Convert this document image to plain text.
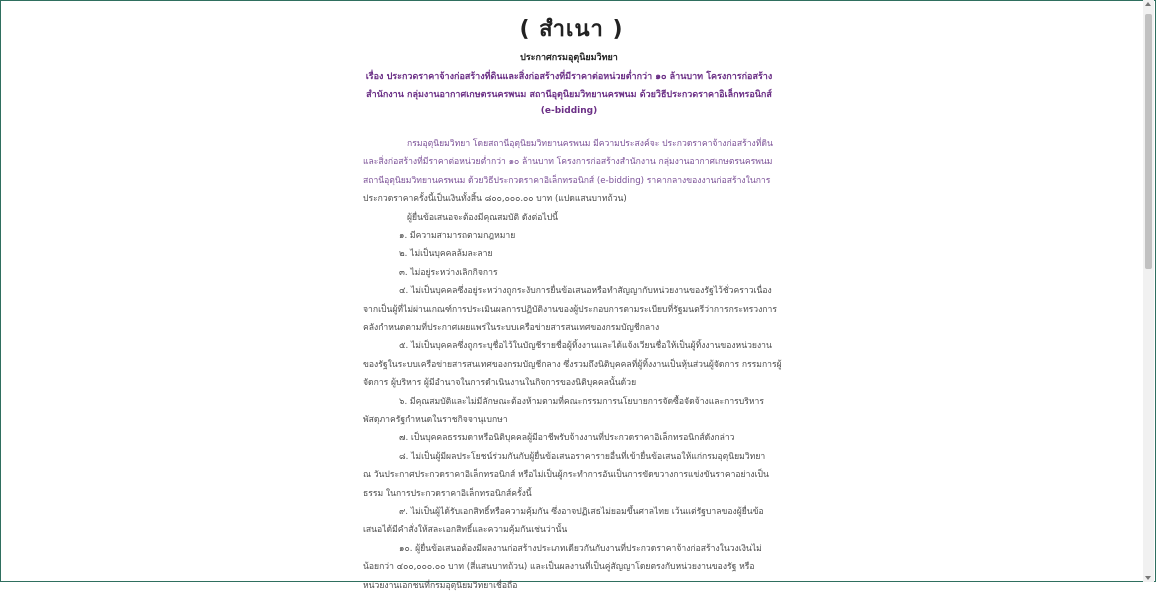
( สำเนา )
ประกาศกรมอุตุนิยมวิทยา
เรื่อง ประกวดราคาจ้างก่อสร้างที่ดินและสิ่งก่อสร้างที่มีราคาต่อหน่วยต่ำกว่า ๑๐ ล้านบาท โครงการก่อสร้าง
สำนักงาน กลุ่มงานอากาศเกษตรนครพนม สถานีอุตุนิยมวิทยานครพนม ด้วยวิธีประกวดราคาอิเล็กทรอนิกส์
(e-bidding)
กรมอุตุนิยมวิทยา โดยสถานีอุตุนิยมวิทยานครพนม มีความประสงค์จะ ประกวดราคาจ้างก่อสร้างที่ดิน
และสิ่งก่อสร้างที่มีราคาต่อหน่วยต่ำกว่า ๑๐ ล้านบาท โครงการก่อสร้างสำนักงาน กลุ่มงานอากาศเกษตรนครพนม
สถานีอุตุนิยมวิทยานครพนม ด้วยวิธีประกวดราคาอิเล็กทรอนิกส์ (e-bidding) ราคากลางของงานก่อสร้างในการ
ประกวดราคาครั้งนี้เป็นเงินทั้งสิ้น ๘๐๐,๐๐๐.๐๐ บาท (แปดแสนบาทถ้วน)
ผู้ยื่นข้อเสนอจะต้องมีคุณสมบัติ ดังต่อไปนี้
๑. มีความสามารถตามกฎหมาย
๒. ไม่เป็นบุคคลล้มละลาย
๓. ไม่อยู่ระหว่างเลิกกิจการ
๔. ไม่เป็นบุคคลซึ่งอยู่ระหว่างถูกระงับการยื่นข้อเสนอหรือทำสัญญากับหน่วยงานของรัฐไว้ชั่วคราวเนื่อง
จากเป็นผู้ที่ไม่ผ่านเกณฑ์การประเมินผลการปฏิบัติงานของผู้ประกอบการตามระเบียบที่รัฐมนตรีว่าการกระทรวงการ
คลังกำหนดตามที่ประกาศเผยแพร่ในระบบเครือข่ายสารสนเทศของกรมบัญชีกลาง
๕. ไม่เป็นบุคคลซึ่งถูกระบุชื่อไว้ในบัญชีรายชื่อผู้ทิ้งงานและได้แจ้งเวียนชื่อให้เป็นผู้ทิ้งงานของหน่วยงาน
ของรัฐในระบบเครือข่ายสารสนเทศของกรมบัญชีกลาง ซึ่งรวมถึงนิติบุคคลที่ผู้ทิ้งงานเป็นหุ้นส่วนผู้จัดการ กรรมการผู้
จัดการ ผู้บริหาร ผู้มีอำนาจในการดำเนินงานในกิจการของนิติบุคคลนั้นด้วย
๖. มีคุณสมบัติและไม่มีลักษณะต้องห้ามตามที่คณะกรรมการนโยบายการจัดซื้อจัดจ้างและการบริหาร
พัสดุภาครัฐกำหนดในราชกิจจานุเบกษา
๗. เป็นบุคคลธรรมดาหรือนิติบุคคลผู้มีอาชีพรับจ้างงานที่ประกวดราคาอิเล็กทรอนิกส์ดังกล่าว
๘. ไม่เป็นผู้มีผลประโยชน์ร่วมกันกับผู้ยื่นข้อเสนอราคารายอื่นที่เข้ายื่นข้อเสนอให้แก่กรมอุตุนิยมวิทยา
ณ วันประกาศประกวดราคาอิเล็กทรอนิกส์ หรือไม่เป็นผู้กระทำการอันเป็นการขัดขวางการแข่งขันราคาอย่างเป็น
ธรรม ในการประกวดราคาอิเล็กทรอนิกส์ครั้งนี้
๙. ไม่เป็นผู้ได้รับเอกสิทธิ์หรือความคุ้มกัน ซึ่งอาจปฏิเสธไม่ยอมขึ้นศาลไทย เว้นแต่รัฐบาลของผู้ยื่นข้อ
เสนอได้มีคำสั่งให้สละเอกสิทธิ์และความคุ้มกันเช่นว่านั้น
๑๐. ผู้ยื่นข้อเสนอต้องมีผลงานก่อสร้างประเภทเดียวกันกับงานที่ประกวดราคาจ้างก่อสร้างในวงเงินไม่
น้อยกว่า ๔๐๐,๐๐๐.๐๐ บาท (สี่แสนบาทถ้วน) และเป็นผลงานที่เป็นคู่สัญญาโดยตรงกับหน่วยงานของรัฐ หรือ
หน่วยงานเอกชนที่กรมอุตุนิยมวิทยาเชื่อถือ
